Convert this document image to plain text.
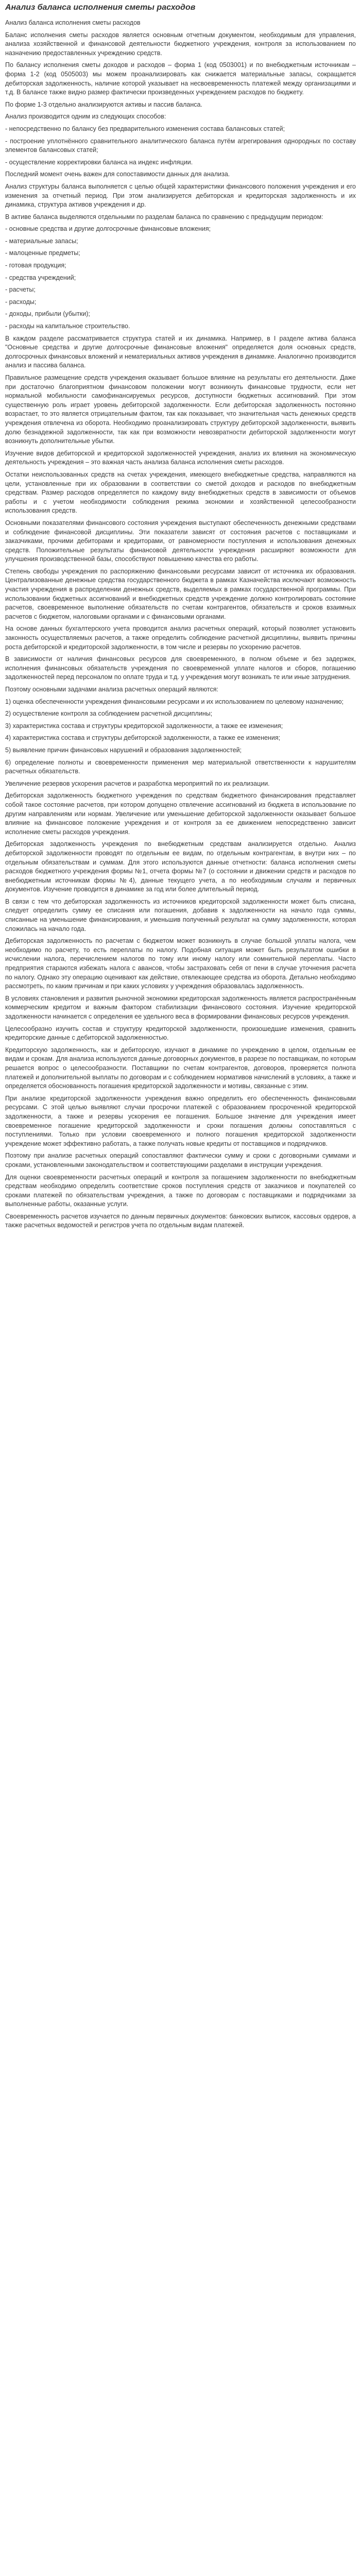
Анализ баланса исполнения сметы расходов

Анализ баланса исполнения сметы расходов

Баланс исполнения сметы расходов является основным отчетным документом, необходимым для управления, анализа хозяйственной и финансовой деятельности бюджетного учреждения, контроля за использованием по назначению предоставленных учреждению средств.

По балансу исполнения сметы доходов и расходов – форма 1 (код 0503001) и по внебюджетным источникам – форма 1-2 (код 0505003) мы можем проанализировать как снижается материальные запасы, сокращается дебиторская задолженность, наличие которой указывает на несвоевременность платежей между организациями и т.д. В балансе также видно размер фактически произведенных учреждением расходов по бюджету.

По форме 1-3 отдельно анализируются активы и пассив баланса.

Анализ производится одним из следующих способов:

- непосредственно по балансу без предварительного изменения состава балансовых статей;

- построение уплотнённого сравнительного аналитического баланса путём агрегирования однородных по составу элементов балансовых статей;

- осуществление корректировки баланса на индекс инфляции.

Последний момент очень важен для сопоставимости данных для анализа.

Анализ структуры баланса выполняется с целью общей характеристики финансового положения учреждения и его изменения за отчетный период. При этом анализируется дебиторская и кредиторская задолженность и их динамика, структура активов учреждения и др.

В активе баланса выделяются отдельными по разделам баланса по сравнению с предыдущим периодом:

- основные средства и другие долгосрочные финансовые вложения;

- материальные запасы;

- малоценные предметы;

- готовая продукция;

- средства учреждений;

- расчеты;

- расходы;

- доходы, прибыли (убытки);

- расходы на капитальное строительство.

В каждом разделе рассматривается структура статей и их динамика. Например, в I разделе актива баланса "Основные средства и другие долгосрочные финансовые вложения" определяется доля основных средств, долгосрочных финансовых вложений и нематериальных активов учреждения в динамике. Аналогично производится анализ и пассива баланса.

Правильное размещение средств учреждения оказывает большое влияние на результаты его деятельности. Даже при достаточно благоприятном финансовом положении могут возникнуть финансовые трудности, если нет нормальной мобильности самофинансируемых ресурсов, доступности бюджетных ассигнований. При этом существенную роль играет уровень дебиторской задолженности. Если дебиторская задолженность постоянно возрастает, то это является отрицательным фактом, так как показывает, что значительная часть денежных средств учреждения отвлечена из оборота. Необходимо проанализировать структуру дебиторской задолженности, выявить долю безнадежной задолженности, так как при возможности невозвратности дебиторской задолженности могут возникнуть дополнительные убытки.

Изучение видов дебиторской и кредиторской задолженностей учреждения, анализ их влияния на экономическую деятельность учреждения – это важная часть анализа баланса исполнения сметы расходов.

Остатки неиспользованных средств на счетах учреждения, имеющего внебюджетные средства, направляются на цели, установленные при их образовании в соответствии со сметой доходов и расходов по внебюджетным средствам. Размер расходов определяется по каждому виду внебюджетных средств в зависимости от объемов работы и с учетом необходимости соблюдения режима экономии и хозяйственной целесообразности использования средств.

Основными показателями финансового состояния учреждения выступают обеспеченность денежными средствами и соблюдение финансовой дисциплины. Эти показатели зависят от состояния расчетов с поставщиками и заказчиками, прочими дебиторами и кредиторами, от равномерности поступления и использования денежных средств. Положительные результаты финансовой деятельности учреждения расширяют возможности для улучшения производственной базы, способствуют повышению качества его работы.

Степень свободы учреждения по распоряжению финансовыми ресурсами зависит от источника их образования. Централизованные денежные средства государственного бюджета в рамках Казначейства исключают возможность участия учреждения в распределении денежных средств, выделяемых в рамках государственной программы. При использовании бюджетных ассигнований и внебюджетных средств учреждение должно контролировать состояние расчетов, своевременное выполнение обязательств по счетам контрагентов, обязательств и сроков взаимных расчетов с бюджетом, налоговыми органами и с финансовыми органами.

На основе данных бухгалтерского учета проводится анализ расчетных операций, который позволяет установить законность осуществляемых расчетов, а также определить соблюдение расчетной дисциплины, выявить причины роста дебиторской и кредиторской задолженности, в том числе и резервы по ускорению расчетов.

В зависимости от наличия финансовых ресурсов для своевременного, в полном объеме и без задержек, исполнения финансовых обязательств учреждения по своевременной уплате налогов и сборов, погашению задолженностей перед персоналом по оплате труда и т.д. у учреждения могут возникать те или иные затруднения.

Поэтому основными задачами анализа расчетных операций являются:

1) оценка обеспеченности учреждения финансовыми ресурсами и их использованием по целевому назначению;

2) осуществление контроля за соблюдением расчетной дисциплины;

3) характеристика состава и структуры кредиторской задолженности, а также ее изменения;

4) характеристика состава и структуры дебиторской задолженности, а также ее изменения;

5) выявление причин финансовых нарушений и образования задолженностей;

6) определение полноты и своевременности применения мер материальной ответственности к нарушителям расчетных обязательств.

Увеличение резервов ускорения расчетов и разработка мероприятий по их реализации.

Дебиторская задолженность бюджетного учреждения по средствам бюджетного финансирования представляет собой такое состояние расчетов, при котором допущено отвлечение ассигнований из бюджета в использование по другим направлениям или нормам. Увеличение или уменьшение дебиторской задолженности оказывает большое влияние на финансовое положение учреждения и от контроля за ее движением непосредственно зависит исполнение сметы расходов учреждения.

Дебиторская задолженность учреждения по внебюджетным средствам анализируется отдельно. Анализ дебиторской задолженности проводят по отдельным ее видам, по отдельным контрагентам, в внутри них – по отдельным обязательствам и суммам. Для этого используются данные отчетности: баланса исполнения сметы расходов бюджетного учреждения формы №1, отчета формы №7 (о состоянии и движении средств и расходов по внебюджетным источникам формы №4), данные текущего учета, а по необходимым случаям и первичных документов. Изучение проводится в динамике за год или более длительный период.

В связи с тем что дебиторская задолженность из источников кредиторской задолженности может быть списана, следует определить сумму ее списания или погашения, добавив к задолженности на начало года суммы, списанные на уменьшение финансирования, и уменьшив полученный результат на сумму задолженности, которая сложилась на начало года.

Дебиторская задолженность по расчетам с бюджетом может возникнуть в случае большой уплаты налога, чем необходимо по расчету, то есть переплаты по налогу. Подобная ситуация может быть результатом ошибки в исчислении налога, перечислением налогов по тому или иному налогу или сомнительной переплаты. Часто предприятия стараются избежать налога с авансов, чтобы застраховать себя от пени в случае уточнения расчета по налогу. Однако эту операцию оценивают как действие, отвлекающее средства из оборота. Детально необходимо рассмотреть, по каким причинам и при каких условиях у учреждения образовалась задолженность.

В условиях становления и развития рыночной экономики кредиторская задолженность является распространённым коммерческим кредитом и важным фактором стабилизации финансового состояния. Изучение кредиторской задолженности начинается с определения ее удельного веса в формировании финансовых ресурсов учреждения.

Целесообразно изучить состав и структуру кредиторской задолженности, произошедшие изменения, сравнить кредиторские данные с дебиторской задолженностью.

Кредиторскую задолженность, как и дебиторскую, изучают в динамике по учреждению в целом, отдельным ее видам и срокам. Для анализа используются данные договорных документов, в разрезе по поставщикам, по которым решается вопрос о целесообразности. Поставщики по счетам контрагентов, договоров, проверяется полнота платежей и дополнительной выплаты по договорам и с соблюдением нормативов начислений в условиях, а также и определяется обоснованность погашения кредиторской задолженности и мотивы, связанные с этим.

При анализе кредиторской задолженности учреждения важно определить его обеспеченность финансовыми ресурсами. С этой целью выявляют случаи просрочки платежей с образованием просроченной кредиторской задолженности, а также и резервы ускорения ее погашения. Большое значение для учреждения имеет своевременное погашение кредиторской задолженности и сроки погашения должны сопоставляться с поступлениями. Только при условии своевременного и полного погашения кредиторской задолженности учреждение может эффективно работать, а также получать новые кредиты от поставщиков и подрядчиков.

Поэтому при анализе расчетных операций сопоставляют фактически сумму и сроки с договорными суммами и сроками, установленными законодательством и соответствующими разделами в инструкции учреждения.

Для оценки своевременности расчетных операций и контроля за погашением задолженности по внебюджетным средствам необходимо определить соответствие сроков поступления средств от заказчиков и покупателей со сроками платежей по обязательствам учреждения, а также по договорам с поставщиками и подрядчиками за выполненные работы, оказанные услуги.

Своевременность расчетов изучается по данным первичных документов: банковских выписок, кассовых ордеров, а также расчетных ведомостей и регистров учета по отдельным видам платежей.
